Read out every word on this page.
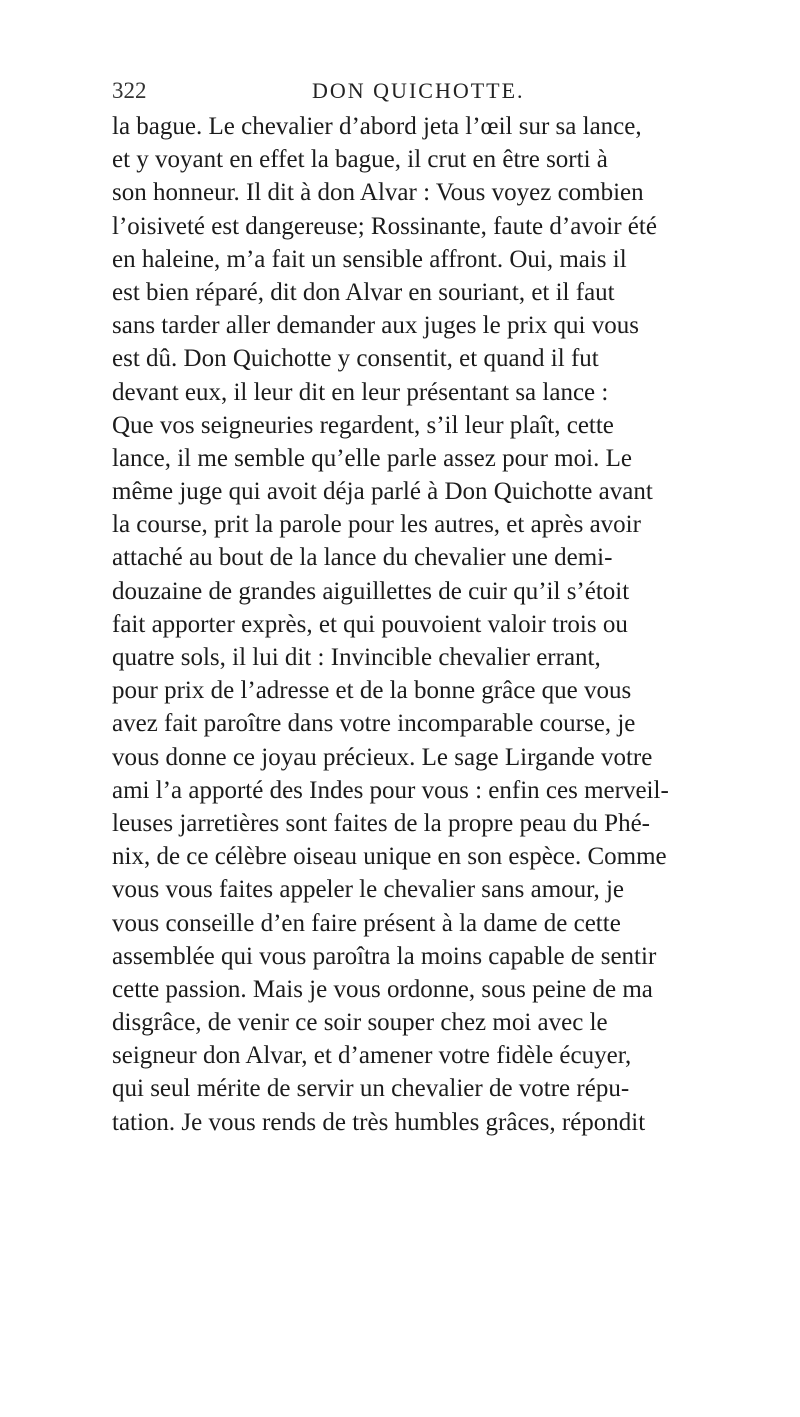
322	DON QUICHOTTE.
la bague. Le chevalier d’abord jeta l’œil sur sa lance,
et y voyant en effet la bague, il crut en être sorti à
son honneur. Il dit à don Alvar : Vous voyez combien
l’oisiveté est dangereuse; Rossinante, faute d’avoir été
en haleine, m’a fait un sensible affront. Oui, mais il
est bien réparé, dit don Alvar en souriant, et il faut
sans tarder aller demander aux juges le prix qui vous
est dû. Don Quichotte y consentit, et quand il fut
devant eux, il leur dit en leur présentant sa lance :
Que vos seigneuries regardent, s’il leur plaît, cette
lance, il me semble qu’elle parle assez pour moi. Le
même juge qui avoit déja parlé à Don Quichotte avant
la course, prit la parole pour les autres, et après avoir
attaché au bout de la lance du chevalier une demi-
douzaine de grandes aiguillettes de cuir qu’il s’étoit
fait apporter exprès, et qui pouvoient valoir trois ou
quatre sols, il lui dit : Invincible chevalier errant,
pour prix de l’adresse et de la bonne grâce que vous
avez fait paroître dans votre incomparable course, je
vous donne ce joyau précieux. Le sage Lirgande votre
ami l’a apporté des Indes pour vous : enfin ces merveil-
leuses jarretières sont faites de la propre peau du Phé-
nix, de ce célèbre oiseau unique en son espèce. Comme
vous vous faites appeler le chevalier sans amour, je
vous conseille d’en faire présent à la dame de cette
assemblée qui vous paroîtra la moins capable de sentir
cette passion. Mais je vous ordonne, sous peine de ma
disgrâce, de venir ce soir souper chez moi avec le
seigneur don Alvar, et d’amener votre fidèle écuyer,
qui seul mérite de servir un chevalier de votre répu-
tation. Je vous rends de très humbles grâces, répondit
